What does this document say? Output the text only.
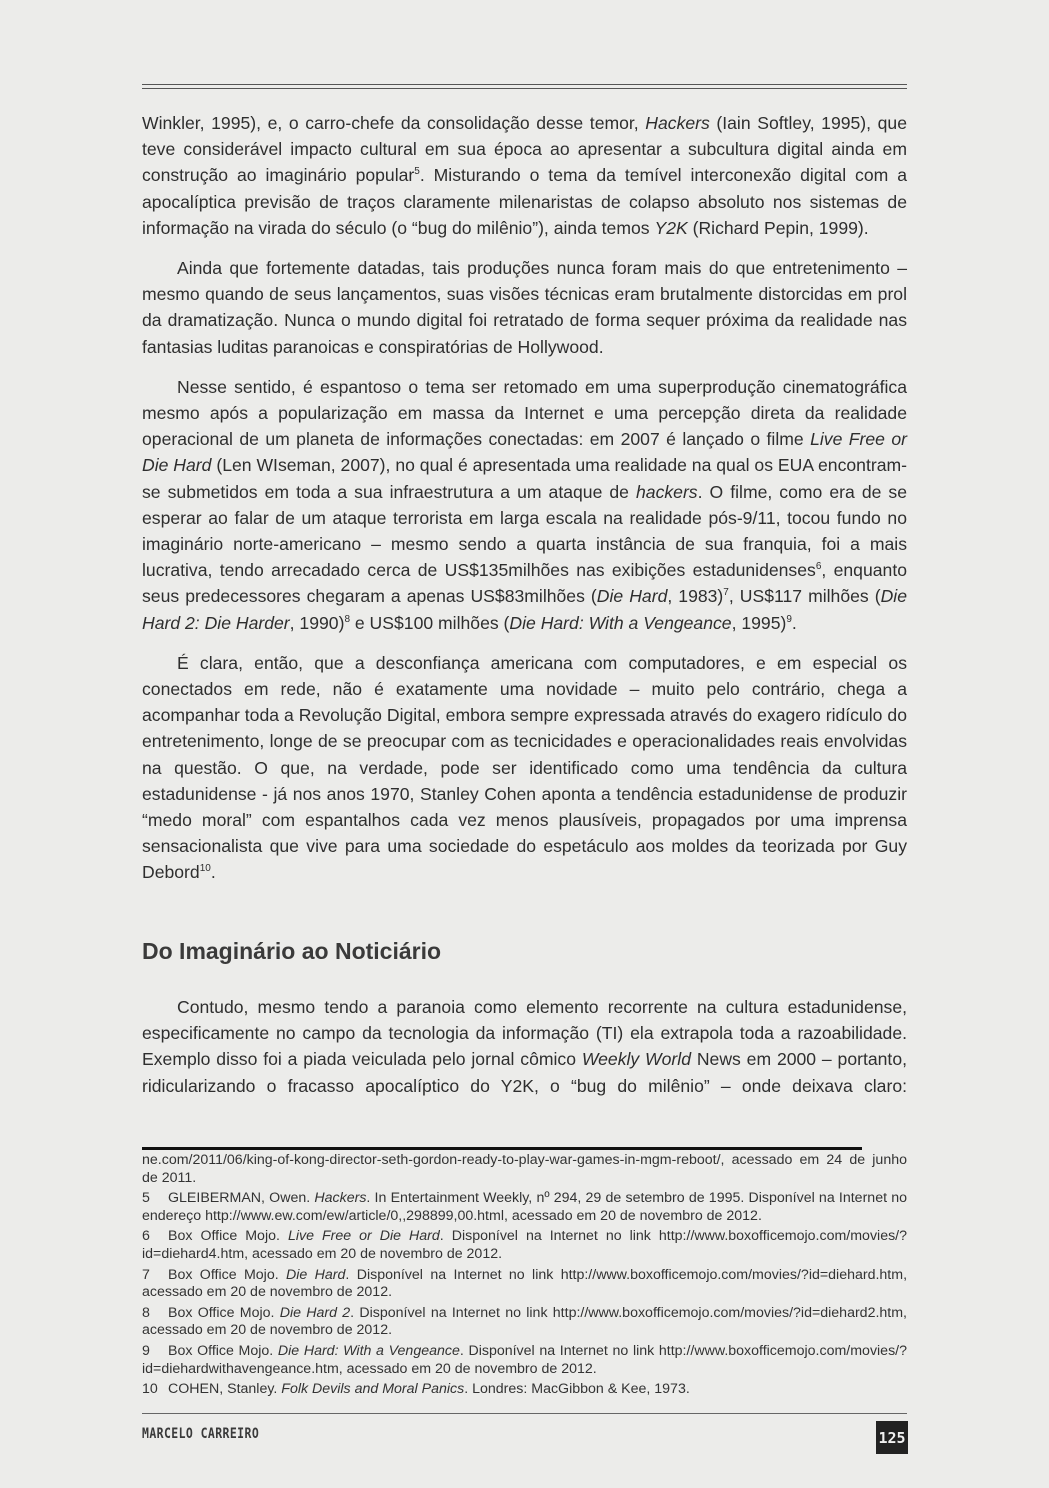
Winkler, 1995), e, o carro-chefe da consolidação desse temor, Hackers (Iain Softley, 1995), que teve considerável impacto cultural em sua época ao apresentar a subcultura digital ainda em construção ao imaginário popular$^5$. Misturando o tema da temível interconexão digital com a apocalíptica previsão de traços claramente milenaristas de colapso absoluto nos sistemas de informação na virada do século (o “bug do milênio”), ainda temos Y2K (Richard Pepin, 1999).

Ainda que fortemente datadas, tais produções nunca foram mais do que entretenimento – mesmo quando de seus lançamentos, suas visões técnicas eram brutalmente distorcidas em prol da dramatização. Nunca o mundo digital foi retratado de forma sequer próxima da realidade nas fantasias luditas paranoicas e conspiratórias de Hollywood.

Nesse sentido, é espantoso o tema ser retomado em uma superprodução cinematográfica mesmo após a popularização em massa da Internet e uma percepção direta da realidade operacional de um planeta de informações conectadas: em 2007 é lançado o filme Live Free or Die Hard (Len WIseman, 2007), no qual é apresentada uma realidade na qual os EUA encontram-se submetidos em toda a sua infraestrutura a um ataque de hackers. O filme, como era de se esperar ao falar de um ataque terrorista em larga escala na realidade pós-9/11, tocou fundo no imaginário norte-americano – mesmo sendo a quarta instância de sua franquia, foi a mais lucrativa, tendo arrecadado cerca de US$135milhões nas exibições estadunidenses$^6$, enquanto seus predecessores chegaram a apenas US$83milhões (Die Hard, 1983)$^7$, US$117 milhões (Die Hard 2: Die Harder, 1990)$^8$ e US$100 milhões (Die Hard: With a Vengeance, 1995)$^9$.

É clara, então, que a desconfiança americana com computadores, e em especial os conectados em rede, não é exatamente uma novidade – muito pelo contrário, chega a acompanhar toda a Revolução Digital, embora sempre expressada através do exagero ridículo do entretenimento, longe de se preocupar com as tecnicidades e operacionalidades reais envolvidas na questão. O que, na verdade, pode ser identificado como uma tendência da cultura estadunidense - já nos anos 1970, Stanley Cohen aponta a tendência estadunidense de produzir “medo moral” com espantalhos cada vez menos plausíveis, propagados por uma imprensa sensacionalista que vive para uma sociedade do espetáculo aos moldes da teorizada por Guy Debord$^{10}$.

Do Imaginário ao Noticiário

Contudo, mesmo tendo a paranoia como elemento recorrente na cultura estadunidense, especificamente no campo da tecnologia da informação (TI) ela extrapola toda a razoabilidade. Exemplo disso foi a piada veiculada pelo jornal cômico Weekly World News em 2000 – portanto, ridicularizando o fracasso apocalíptico do Y2K, o “bug do milênio” – onde deixava claro:

ne.com/2011/06/king-of-kong-director-seth-gordon-ready-to-play-war-games-in-mgm-reboot/, acessado em 24 de junho de 2011.
5 GLEIBERMAN, Owen. Hackers. In Entertainment Weekly, nº 294, 29 de setembro de 1995. Disponível na Internet no endereço http://www.ew.com/ew/article/0,,298899,00.html, acessado em 20 de novembro de 2012.
6 Box Office Mojo. Live Free or Die Hard. Disponível na Internet no link http://www.boxofficemojo.com/movies/?id=diehard4.htm, acessado em 20 de novembro de 2012.
7 Box Office Mojo. Die Hard. Disponível na Internet no link http://www.boxofficemojo.com/movies/?id=diehard.htm, acessado em 20 de novembro de 2012.
8 Box Office Mojo. Die Hard 2. Disponível na Internet no link http://www.boxofficemojo.com/movies/?id=diehard2.htm, acessado em 20 de novembro de 2012.
9 Box Office Mojo. Die Hard: With a Vengeance. Disponível na Internet no link http://www.boxofficemojo.com/movies/?id=diehardwithavengeance.htm, acessado em 20 de novembro de 2012.
10 COHEN, Stanley. Folk Devils and Moral Panics. Londres: MacGibbon & Kee, 1973.
MARCELO CARREIRO	125
